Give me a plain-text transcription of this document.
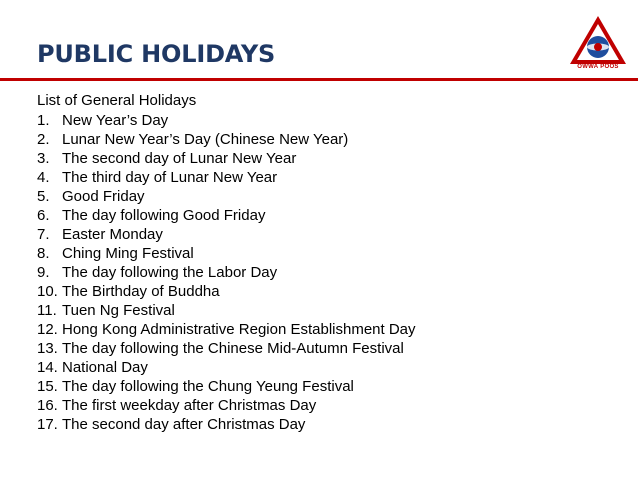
PUBLIC HOLIDAYS	OWWA POOS
List of General Holidays
1. New Year’s Day
2. Lunar New Year’s Day (Chinese New Year)
3. The second day of Lunar New Year
4. The third day of Lunar New Year
5. Good Friday
6. The day following Good Friday
7. Easter Monday
8. Ching Ming Festival
9. The day following the Labor Day
10. The Birthday of Buddha
11. Tuen Ng Festival
12. Hong Kong Administrative Region Establishment Day
13. The day following the Chinese Mid-Autumn Festival
14. National Day
15. The day following the Chung Yeung Festival
16. The first weekday after Christmas Day
17. The second day after Christmas Day
